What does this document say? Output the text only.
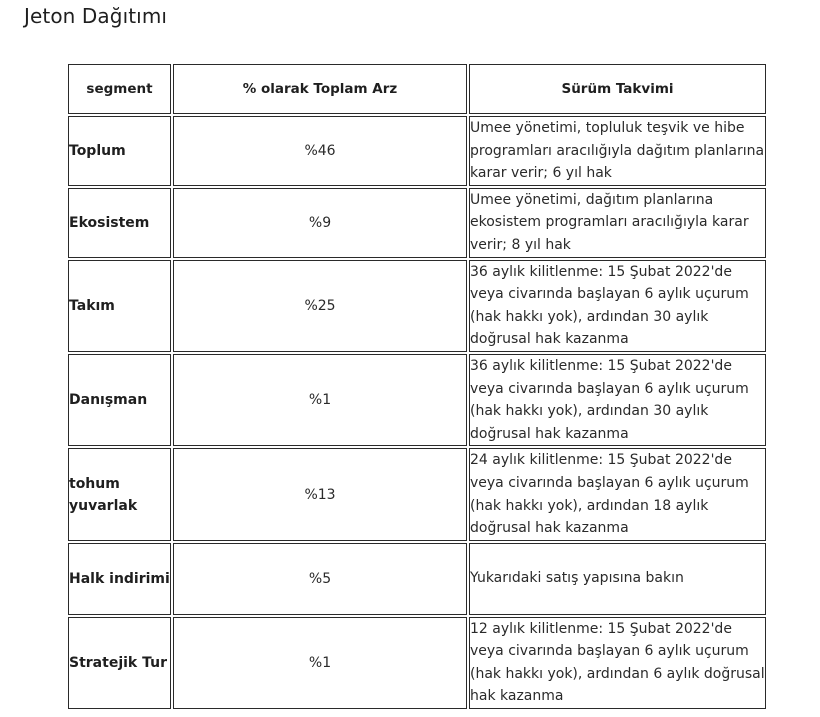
Jeton Dağıtımı
segment	% olarak Toplam Arz	Sürüm Takvimi
Toplum	%46	Umee yönetimi, topluluk teşvik ve hibe programları aracılığıyla dağıtım planlarına karar verir; 6 yıl hak
Ekosistem	%9	Umee yönetimi, dağıtım planlarına ekosistem programları aracılığıyla karar verir; 8 yıl hak
Takım	%25	36 aylık kilitlenme: 15 Şubat 2022'de veya civarında başlayan 6 aylık uçurum (hak hakkı yok), ardından 30 aylık doğrusal hak kazanma
Danışman	%1	36 aylık kilitlenme: 15 Şubat 2022'de veya civarında başlayan 6 aylık uçurum (hak hakkı yok), ardından 30 aylık doğrusal hak kazanma
tohum yuvarlak	%13	24 aylık kilitlenme: 15 Şubat 2022'de veya civarında başlayan 6 aylık uçurum (hak hakkı yok), ardından 18 aylık doğrusal hak kazanma
Halk indirimi	%5	Yukarıdaki satış yapısına bakın
Stratejik Tur	%1	12 aylık kilitlenme: 15 Şubat 2022'de veya civarında başlayan 6 aylık uçurum (hak hakkı yok), ardından 6 aylık doğrusal hak kazanma
